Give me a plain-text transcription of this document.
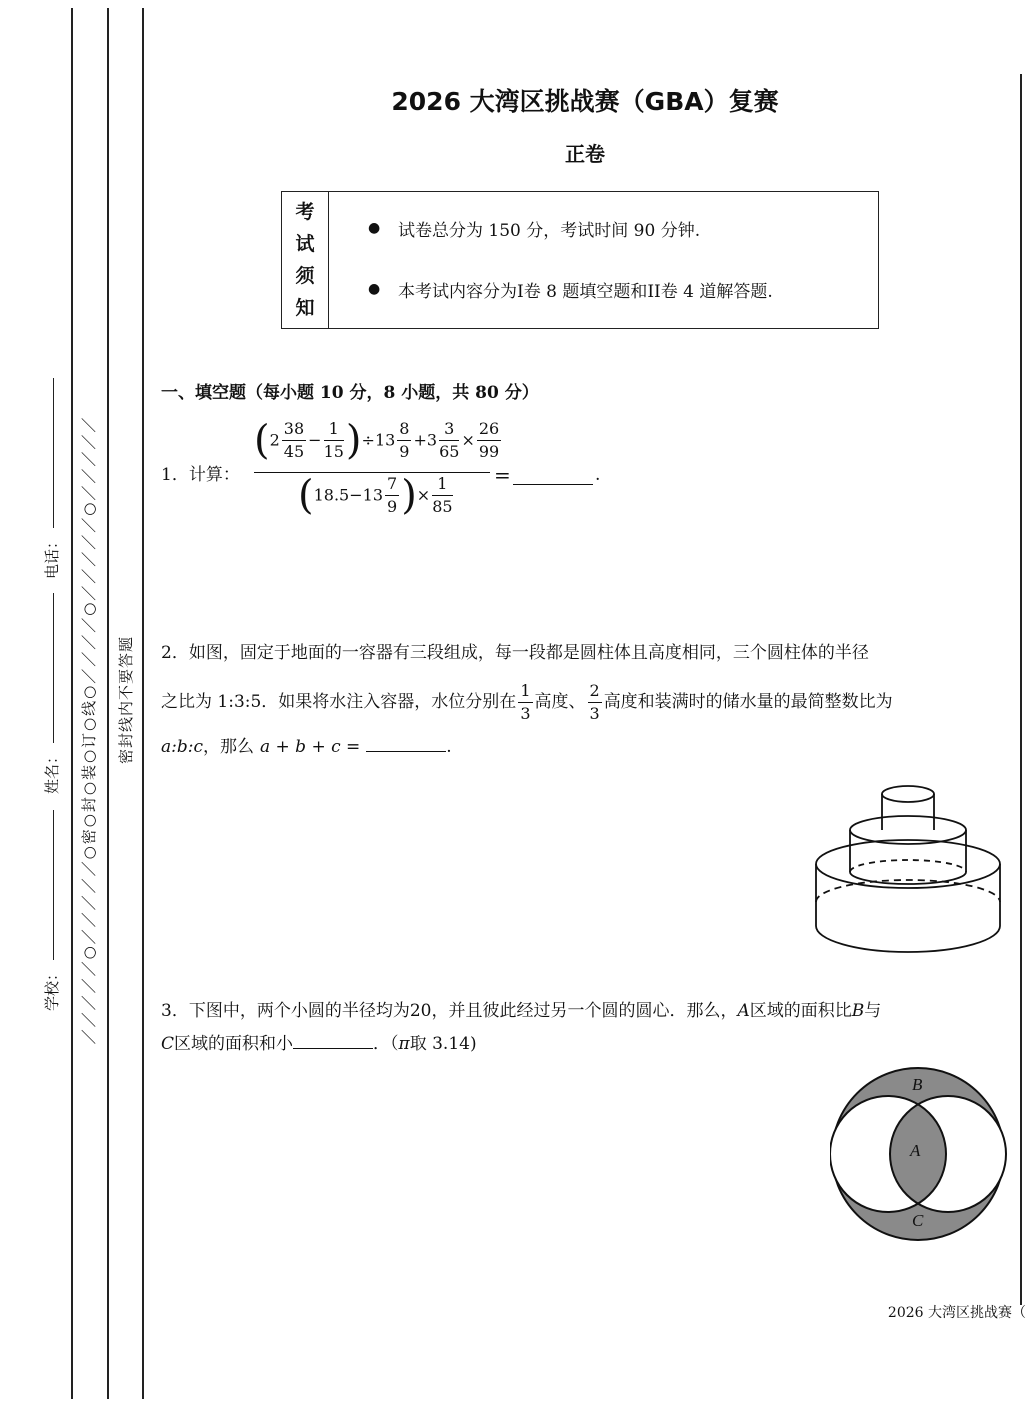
学校：
姓名：
电话： ／／／／／○／／／／／○密○封○装○订○线○／／／／○／／／／／○／／／／／ 密封线内不要答题
2026 大湾区挑战赛（GBA）复赛
正卷
考
试
须
知
● 试卷总分为 150 分，考试时间 90 分钟.
● 本考试内容分为I卷 8 题填空题和II卷 4 道解答题.
一、填空题（每小题 10 分，8 小题，共 80 分）
1．计算： $\frac{(2 \frac{38}{45} - \frac{1}{15} )\div 13 \frac{8}{9} +3 \frac{3}{65} \times \frac{26}{99}}{(18.5-13 \frac{7}{9} )\times \frac{1}{85}}$ =	.
2．如图，固定于地面的一容器有三段组成，每一段都是圆柱体且高度相同，三个圆柱体的半径
之比为 1:3:5．如果将水注入容器，水位分别在 $\frac{1}{3}$ 高度、 $\frac{2}{3}$ 高度和装满时的储水量的最简整数比为
a:b:c，那么 a + b + c =	.
3．下图中，两个小圆的半径均为20，并且彼此经过另一个圆的圆心．那么，A区域的面积比B与
C区域的面积和小	．（π取 3.14)
B
A
C
2026 大湾区挑战赛（
